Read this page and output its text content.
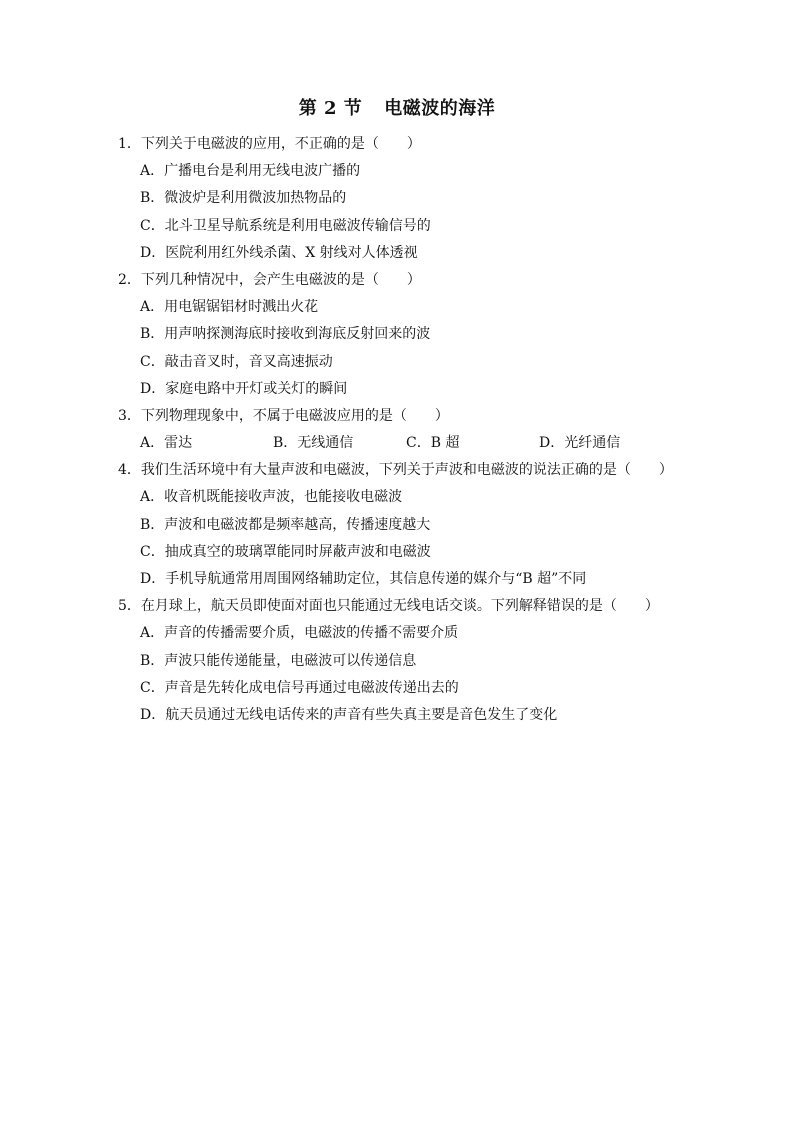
第 2 节 电磁波的海洋
1．下列关于电磁波的应用，不正确的是（　　）
A．广播电台是利用无线电波广播的
B．微波炉是利用微波加热物品的
C．北斗卫星导航系统是利用电磁波传输信号的
D．医院利用红外线杀菌、X 射线对人体透视
2．下列几种情况中，会产生电磁波的是（　　）
A．用电锯锯铝材时溅出火花
B．用声呐探测海底时接收到海底反射回来的波
C．敲击音叉时，音叉高速振动
D．家庭电路中开灯或关灯的瞬间
3．下列物理现象中，不属于电磁波应用的是（　　）
A．雷达	B．无线通信	C．B 超	D．光纤通信
4．我们生活环境中有大量声波和电磁波，下列关于声波和电磁波的说法正确的是（　　）
A．收音机既能接收声波，也能接收电磁波
B．声波和电磁波都是频率越高，传播速度越大
C．抽成真空的玻璃罩能同时屏蔽声波和电磁波
D．手机导航通常用周围网络辅助定位，其信息传递的媒介与“B 超”不同
5．在月球上，航天员即使面对面也只能通过无线电话交谈。下列解释错误的是（　　）
A．声音的传播需要介质，电磁波的传播不需要介质
B．声波只能传递能量，电磁波可以传递信息
C．声音是先转化成电信号再通过电磁波传递出去的
D．航天员通过无线电话传来的声音有些失真主要是音色发生了变化
